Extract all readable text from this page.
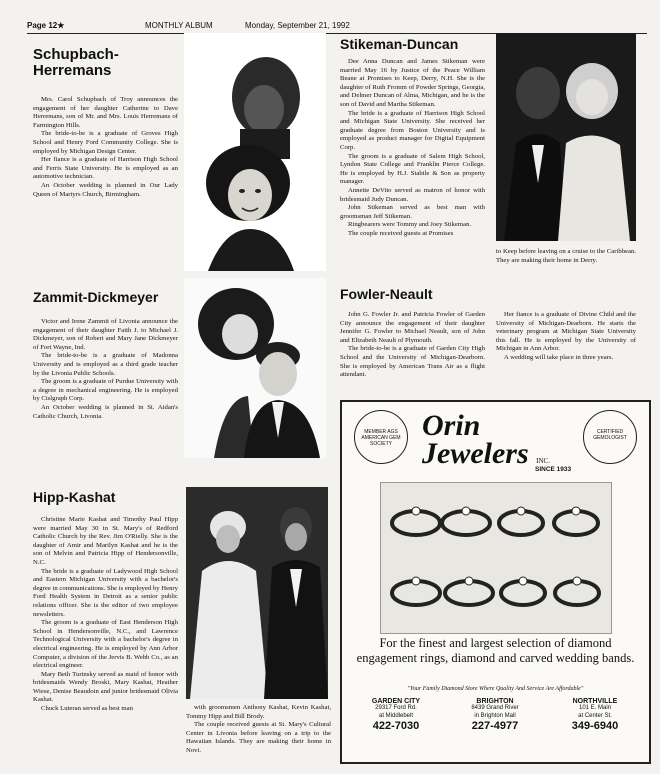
Page 12★	MONTHLY ALBUM	Monday, September 21, 1992
Schupbach-Herremans

Mrs. Carol Schupbach of Troy announces the engagement of her daughter Catherine to Dave Herremans, son of Mr. and Mrs. Louis Herremans of Farmington Hills.

The bride-to-be is a graduate of Groves High School and Henry Ford Community College. She is employed by Michigan Design Center.

Her fiance is a graduate of Harrison High School and Ferris State University. He is employed as an automotive technician.

An October wedding is planned in Our Lady Queen of Martyrs Church, Birmingham.

Stikeman-Duncan

Dee Anna Duncan and James Stikeman were married May 16 by Justice of the Peace William Beane at Promises to Keep, Derry, N.H. She is the daughter of Ruth Fromm of Powder Springs, Georgia, and Delmer Duncan of Alma, Michigan, and he is the son of David and Martha Stikeman.

The bride is a graduate of Harrison High School and Michigan State University. She received her graduate degree from Boston University and is employed as product manager for Digital Equipment Corp.

The groom is a graduate of Salem High School, Lyndon State College and Franklin Pierce College. He is employed by H.J. Stabile & Son as property manager.

Annette DeVito served as matron of honor with bridesmaid Judy Duncan.

John Stikeman served as best man with groomsman Jeff Stikeman.

Ringbearers were Tommy and Joey Stikeman.

The couple received guests at Promises

to Keep before leaving on a cruise to the Caribbean. They are making their home in Derry.
Zammit-Dickmeyer

Victor and Irene Zammit of Livonia announce the engagement of their daughter Faith J. to Michael J. Dickmeyer, son of Robert and Mary Jane Dickmeyer of Fort Wayne, Ind.

The bride-to-be is a graduate of Madonna University and is employed as a third grade teacher by the Livonia Public Schools.

The groom is a graduate of Purdue University with a degree in mechanical engineering. He is employed by Cislgraph Corp.

An October wedding is planned in St. Aidan's Catholic Church, Livonia.

Fowler-Neault

John G. Fowler Jr. and Patricia Fowler of Garden City announce the engagement of their daughter Jennifer G. Fowler to Michael Neault, son of John and Elizabeth Neault of Plymouth.

The bride-to-be is a graduate of Garden City High School and the University of Michigan-Dearborn. She is employed by American Trans Air as a flight attendant.

Her fiance is a graduate of Divine Child and the University of Michigan-Dearborn. He starts the veterinary program at Michigan State University this fall. He is employed by the University of Michigan in Ann Arbor.

A wedding will take place in three years.

Hipp-Kashat

Christine Marie Kashat and Timothy Paul Hipp were married May 30 in St. Mary's of Redford Catholic Church by the Rev. Jim O'Rielly. She is the daughter of Amir and Marilyn Kashat and he is the son of Melvin and Patricia Hipp of Hendersonville, N.C.

The bride is a graduate of Ladywood High School and Eastern Michigan University with a bachelor's degree in communications. She is employed by Henry Ford Health System in Detroit as a senior public relations officer. She is the editor of two employee newsletters.

The groom is a graduate of East Henderson High School in Hendersonville, N.C., and Lawrence Technological University with a bachelor's degree in electrical engineering. He is employed by Ann Arbor Computer, a division of the Jervis B. Webb Co., as an electrical engineer.

Mary Beth Turinsky served as maid of honor with bridesmaids Wendy Broski, Mary Kashat, Heather Wiese, Denise Beaudoin and junior bridesmaid Olivia Kashat.

Chuck Luteran served as best man	with groomsmen Anthony Kashat, Kevin Kashat, Tommy Hipp and Bill Brody.

The couple received guests at St. Mary's Cultural Center in Livonia before leaving on a trip to the Hawaiian Islands. They are making their home in Novi.

MEMBER AGS AMERICAN GEM SOCIETY
Orin Jewelers INC.
CERTIFIED GEMOLOGIST
SINCE 1933
For the finest and largest selection of diamond engagement rings, diamond and carved wedding bands.
"Your Family Diamond Store Where Quality And Service Are Affordable"
GARDEN CITY
29317 Ford Rd.
at Middlebelt
422-7030
BRIGHTON
8439 Grand River
in Brighton Mall
227-4977
NORTHVILLE
101 E. Main
at Center St.
349-6940
